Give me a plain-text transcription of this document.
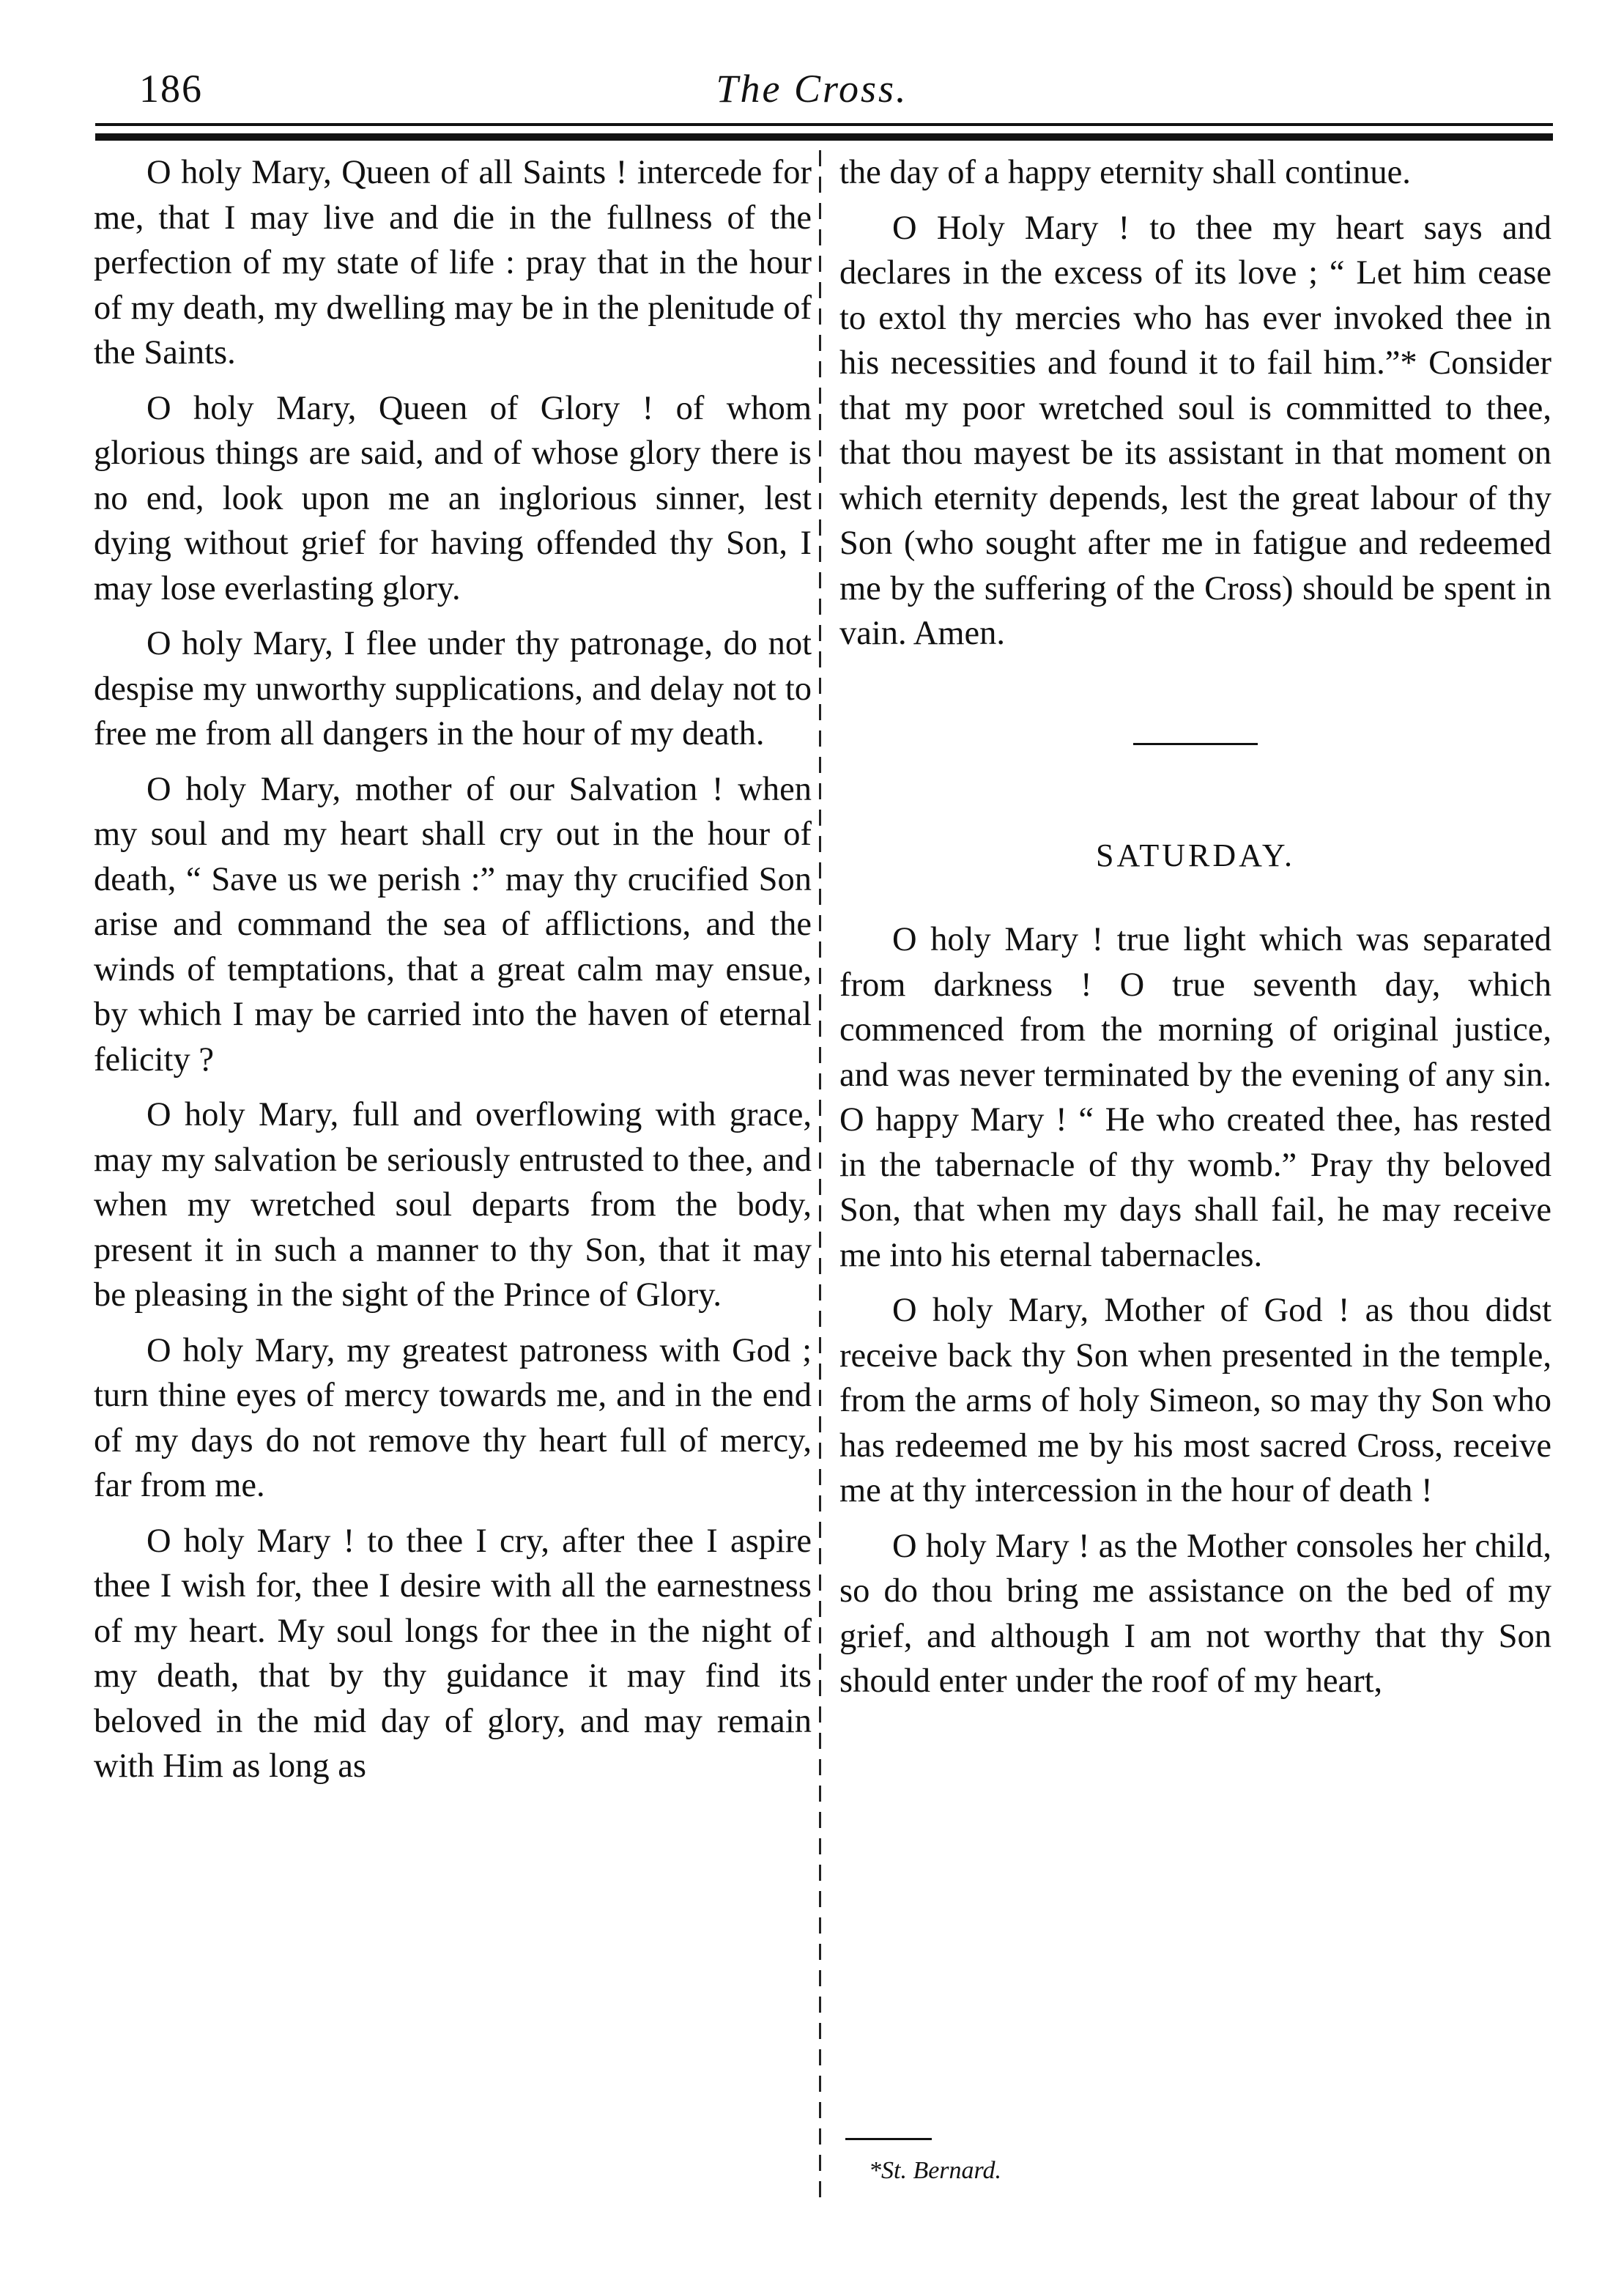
186	The Cross.

O holy Mary, Queen of all Saints ! intercede for me, that I may live and die in the fullness of the perfection of my state of life : pray that in the hour of my death, my dwelling may be in the plenitude of the Saints.

O holy Mary, Queen of Glory ! of whom glorious things are said, and of whose glory there is no end, look upon me an inglorious sinner, lest dying without grief for having offended thy Son, I may lose everlasting glory.

O holy Mary, I flee under thy patronage, do not despise my unworthy supplications, and delay not to free me from all dangers in the hour of my death.

O holy Mary, mother of our Salvation ! when my soul and my heart shall cry out in the hour of death, “ Save us we perish :” may thy crucified Son arise and command the sea of afflictions, and the winds of temptations, that a great calm may ensue, by which I may be carried into the haven of eternal felicity ?

O holy Mary, full and overflowing with grace, may my salvation be seriously entrusted to thee, and when my wretched soul departs from the body, present it in such a manner to thy Son, that it may be pleasing in the sight of the Prince of Glory.

O holy Mary, my greatest patroness with God ; turn thine eyes of mercy towards me, and in the end of my days do not remove thy heart full of mercy, far from me.

O holy Mary ! to thee I cry, after thee I aspire thee I wish for, thee I desire with all the earnestness of my heart. My soul longs for thee in the night of my death, that by thy guidance it may find its beloved in the mid day of glory, and may remain with Him as long as

the day of a happy eternity shall continue.

O Holy Mary ! to thee my heart says and declares in the excess of its love ; “ Let him cease to extol thy mercies who has ever invoked thee in his necessities and found it to fail him.”* Consider that my poor wretched soul is committed to thee, that thou mayest be its assistant in that moment on which eternity depends, lest the great labour of thy Son (who sought after me in fatigue and redeemed me by the suffering of the Cross) should be spent in vain. Amen.

SATURDAY.

O holy Mary ! true light which was separated from darkness ! O true seventh day, which commenced from the morning of original justice, and was never terminated by the evening of any sin. O happy Mary ! “ He who created thee, has rested in the tabernacle of thy womb.” Pray thy beloved Son, that when my days shall fail, he may receive me into his eternal tabernacles.

O holy Mary, Mother of God ! as thou didst receive back thy Son when presented in the temple, from the arms of holy Simeon, so may thy Son who has redeemed me by his most sacred Cross, receive me at thy intercession in the hour of death !

O holy Mary ! as the Mother consoles her child, so do thou bring me assistance on the bed of my grief, and although I am not worthy that thy Son should enter under the roof of my heart,

*St. Bernard.
